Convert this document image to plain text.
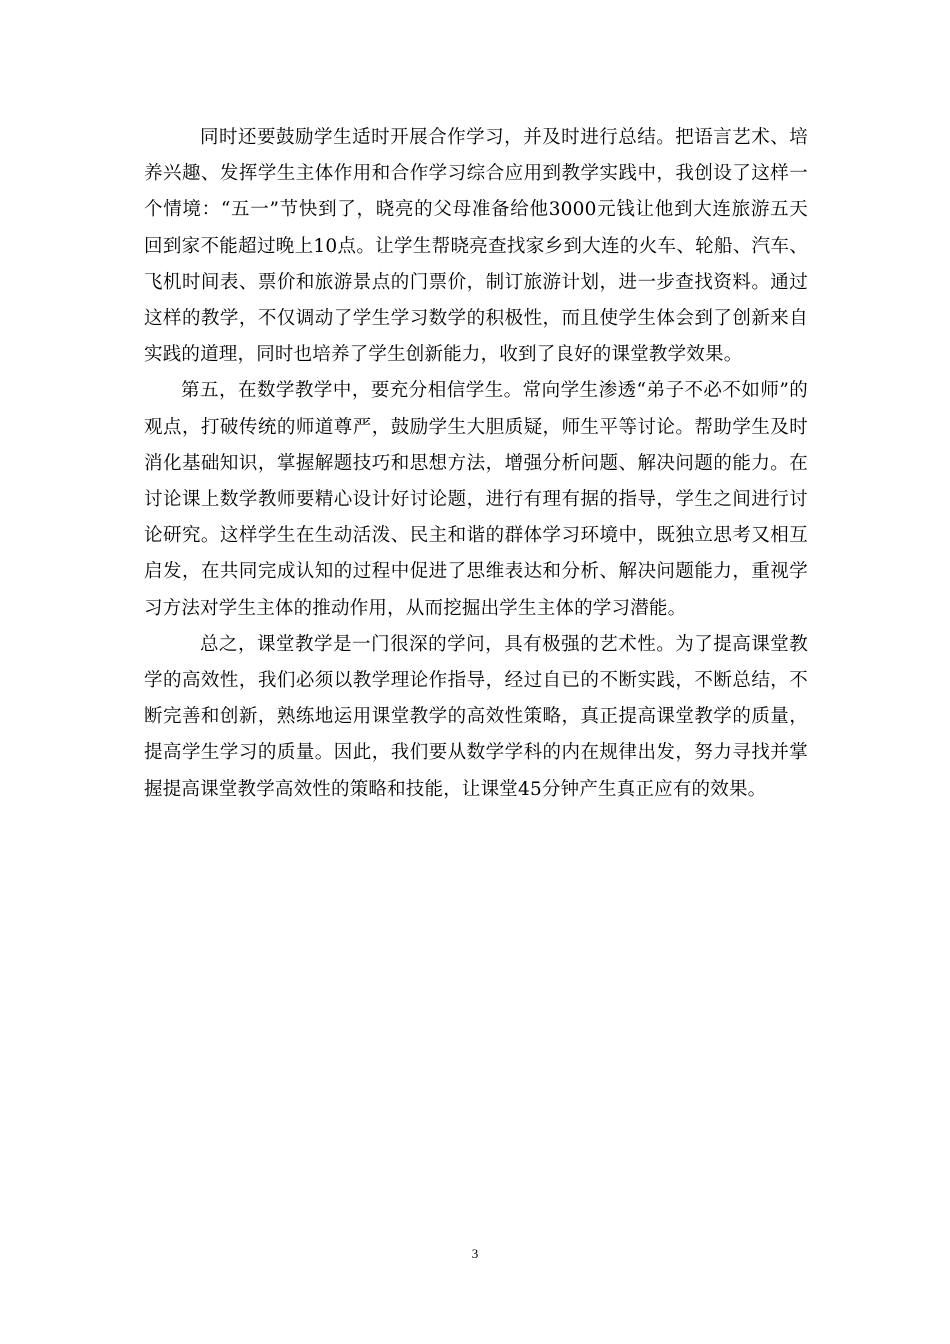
同时还要鼓励学生适时开展合作学习，并及时进行总结。把语言艺术、培养兴趣、发挥学生主体作用和合作学习综合应用到教学实践中，我创设了这样一个情境：“五一”节快到了，晓亮的父母准备给他3000元钱让他到大连旅游五天回到家不能超过晚上10点。让学生帮晓亮查找家乡到大连的火车、轮船、汽车、飞机时间表、票价和旅游景点的门票价，制订旅游计划，进一步查找资料。通过这样的教学，不仅调动了学生学习数学的积极性，而且使学生体会到了创新来自实践的道理，同时也培养了学生创新能力，收到了良好的课堂教学效果。

第五，在数学教学中，要充分相信学生。常向学生渗透“弟子不必不如师”的观点，打破传统的师道尊严，鼓励学生大胆质疑，师生平等讨论。帮助学生及时消化基础知识，掌握解题技巧和思想方法，增强分析问题、解决问题的能力。在讨论课上数学教师要精心设计好讨论题，进行有理有据的指导，学生之间进行讨论研究。这样学生在生动活泼、民主和谐的群体学习环境中，既独立思考又相互启发，在共同完成认知的过程中促进了思维表达和分析、解决问题能力，重视学习方法对学生主体的推动作用，从而挖掘出学生主体的学习潜能。

总之，课堂教学是一门很深的学问，具有极强的艺术性。为了提高课堂教学的高效性，我们必须以教学理论作指导，经过自已的不断实践，不断总结，不断完善和创新，熟练地运用课堂教学的高效性策略，真正提高课堂教学的质量，提高学生学习的质量。因此，我们要从数学学科的内在规律出发，努力寻找并掌握提高课堂教学高效性的策略和技能，让课堂45分钟产生真正应有的效果。

3
